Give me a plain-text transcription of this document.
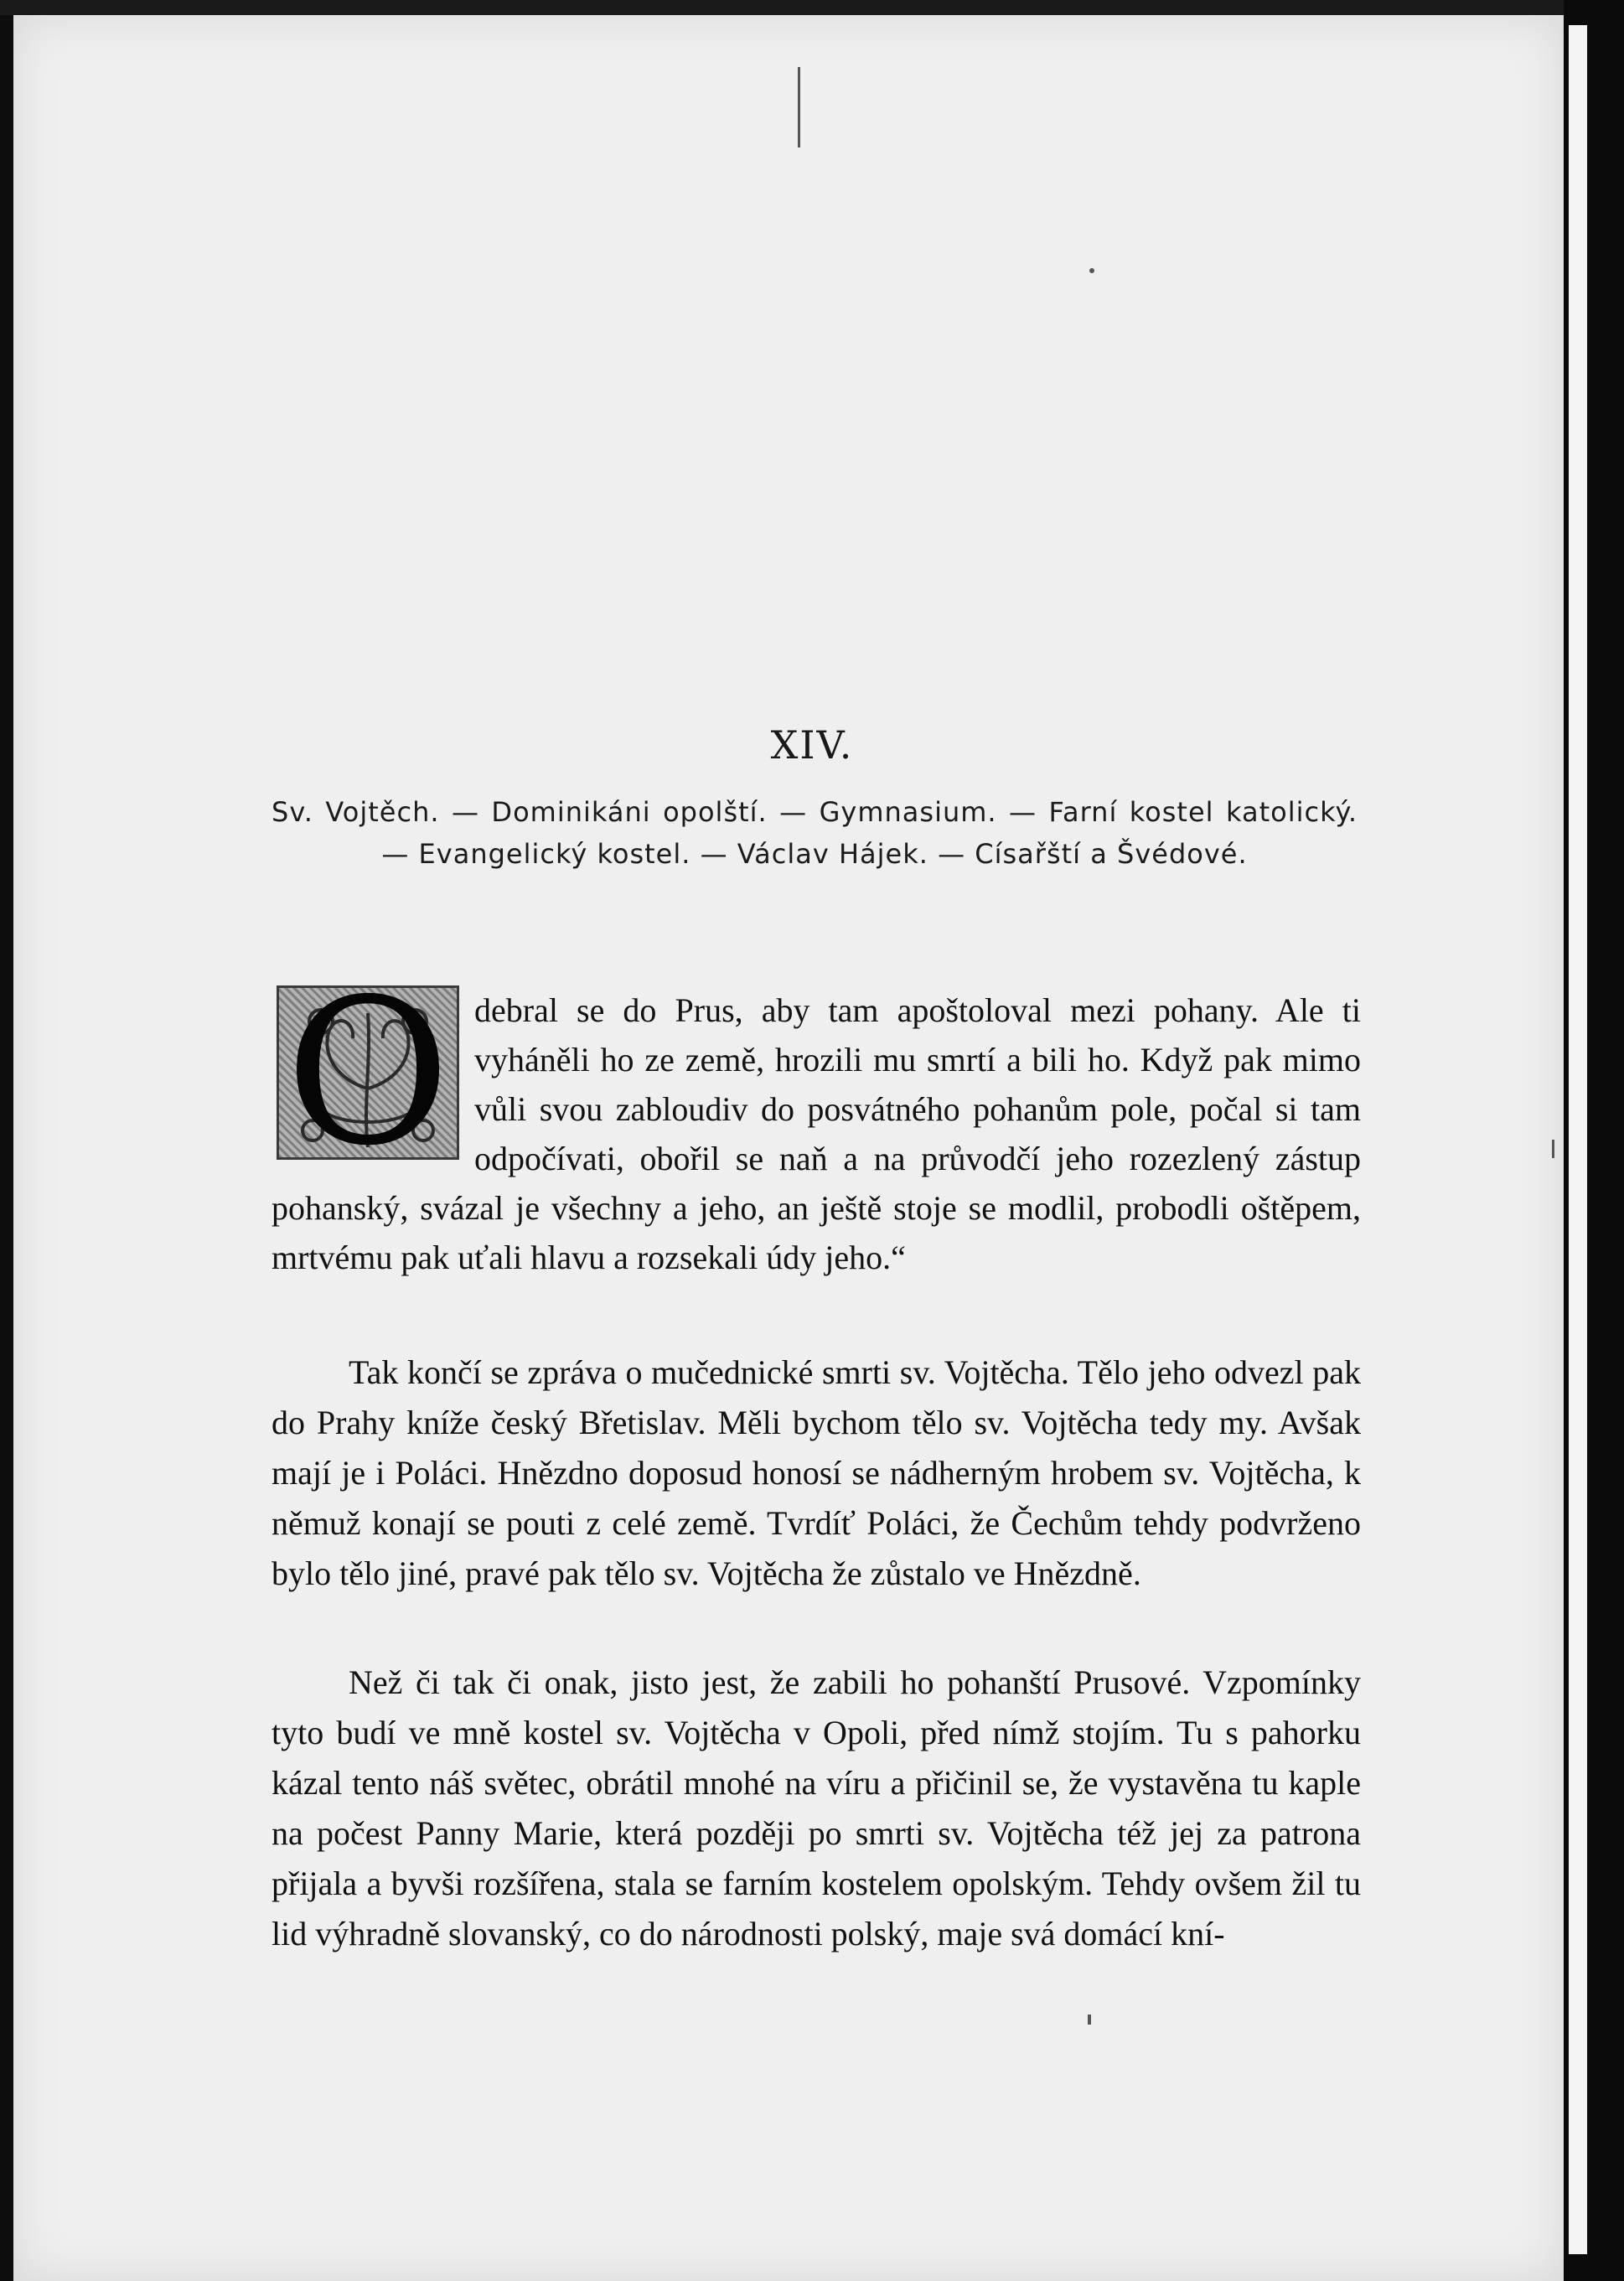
XIV.
Sv. Vojtěch. — Dominikáni opolští. — Gymnasium. — Farní kostel katolický. — Evangelický kostel. — Václav Hájek. — Císařští a Švédové.
O debral se do Prus, aby tam apoštoloval mezi pohany. Ale ti vyháněli ho ze země, hrozili mu smrtí a bili ho. Když pak mimo vůli svou zabloudiv do posvátného pohanům pole, počal si tam odpočívati, obořil se naň a na průvodčí jeho rozezlený zástup pohanský, svázal je všechny a jeho, an ještě stoje se modlil, probodli oštěpem, mrtvému pak uťali hlavu a rozsekali údy jeho.“
Tak končí se zpráva o mučednické smrti sv. Vojtěcha. Tělo jeho odvezl pak do Prahy kníže český Břetislav. Měli bychom tělo sv. Vojtěcha tedy my. Avšak mají je i Poláci. Hnězdno doposud honosí se nádherným hrobem sv. Vojtěcha, k němuž konají se pouti z celé země. Tvrdíť Poláci, že Čechům tehdy podvrženo bylo tělo jiné, pravé pak tělo sv. Vojtěcha že zůstalo ve Hnězdně.
Než či tak či onak, jisto jest, že zabili ho pohanští Prusové. Vzpomínky tyto budí ve mně kostel sv. Vojtěcha v Opoli, před nímž stojím. Tu s pahorku kázal tento náš světec, obrátil mnohé na víru a přičinil se, že vystavěna tu kaple na počest Panny Marie, která později po smrti sv. Vojtěcha též jej za patrona přijala a byvši rozšířena, stala se farním kostelem opolským. Tehdy ovšem žil tu lid výhradně slovanský, co do národnosti polský, maje svá domácí kní-
